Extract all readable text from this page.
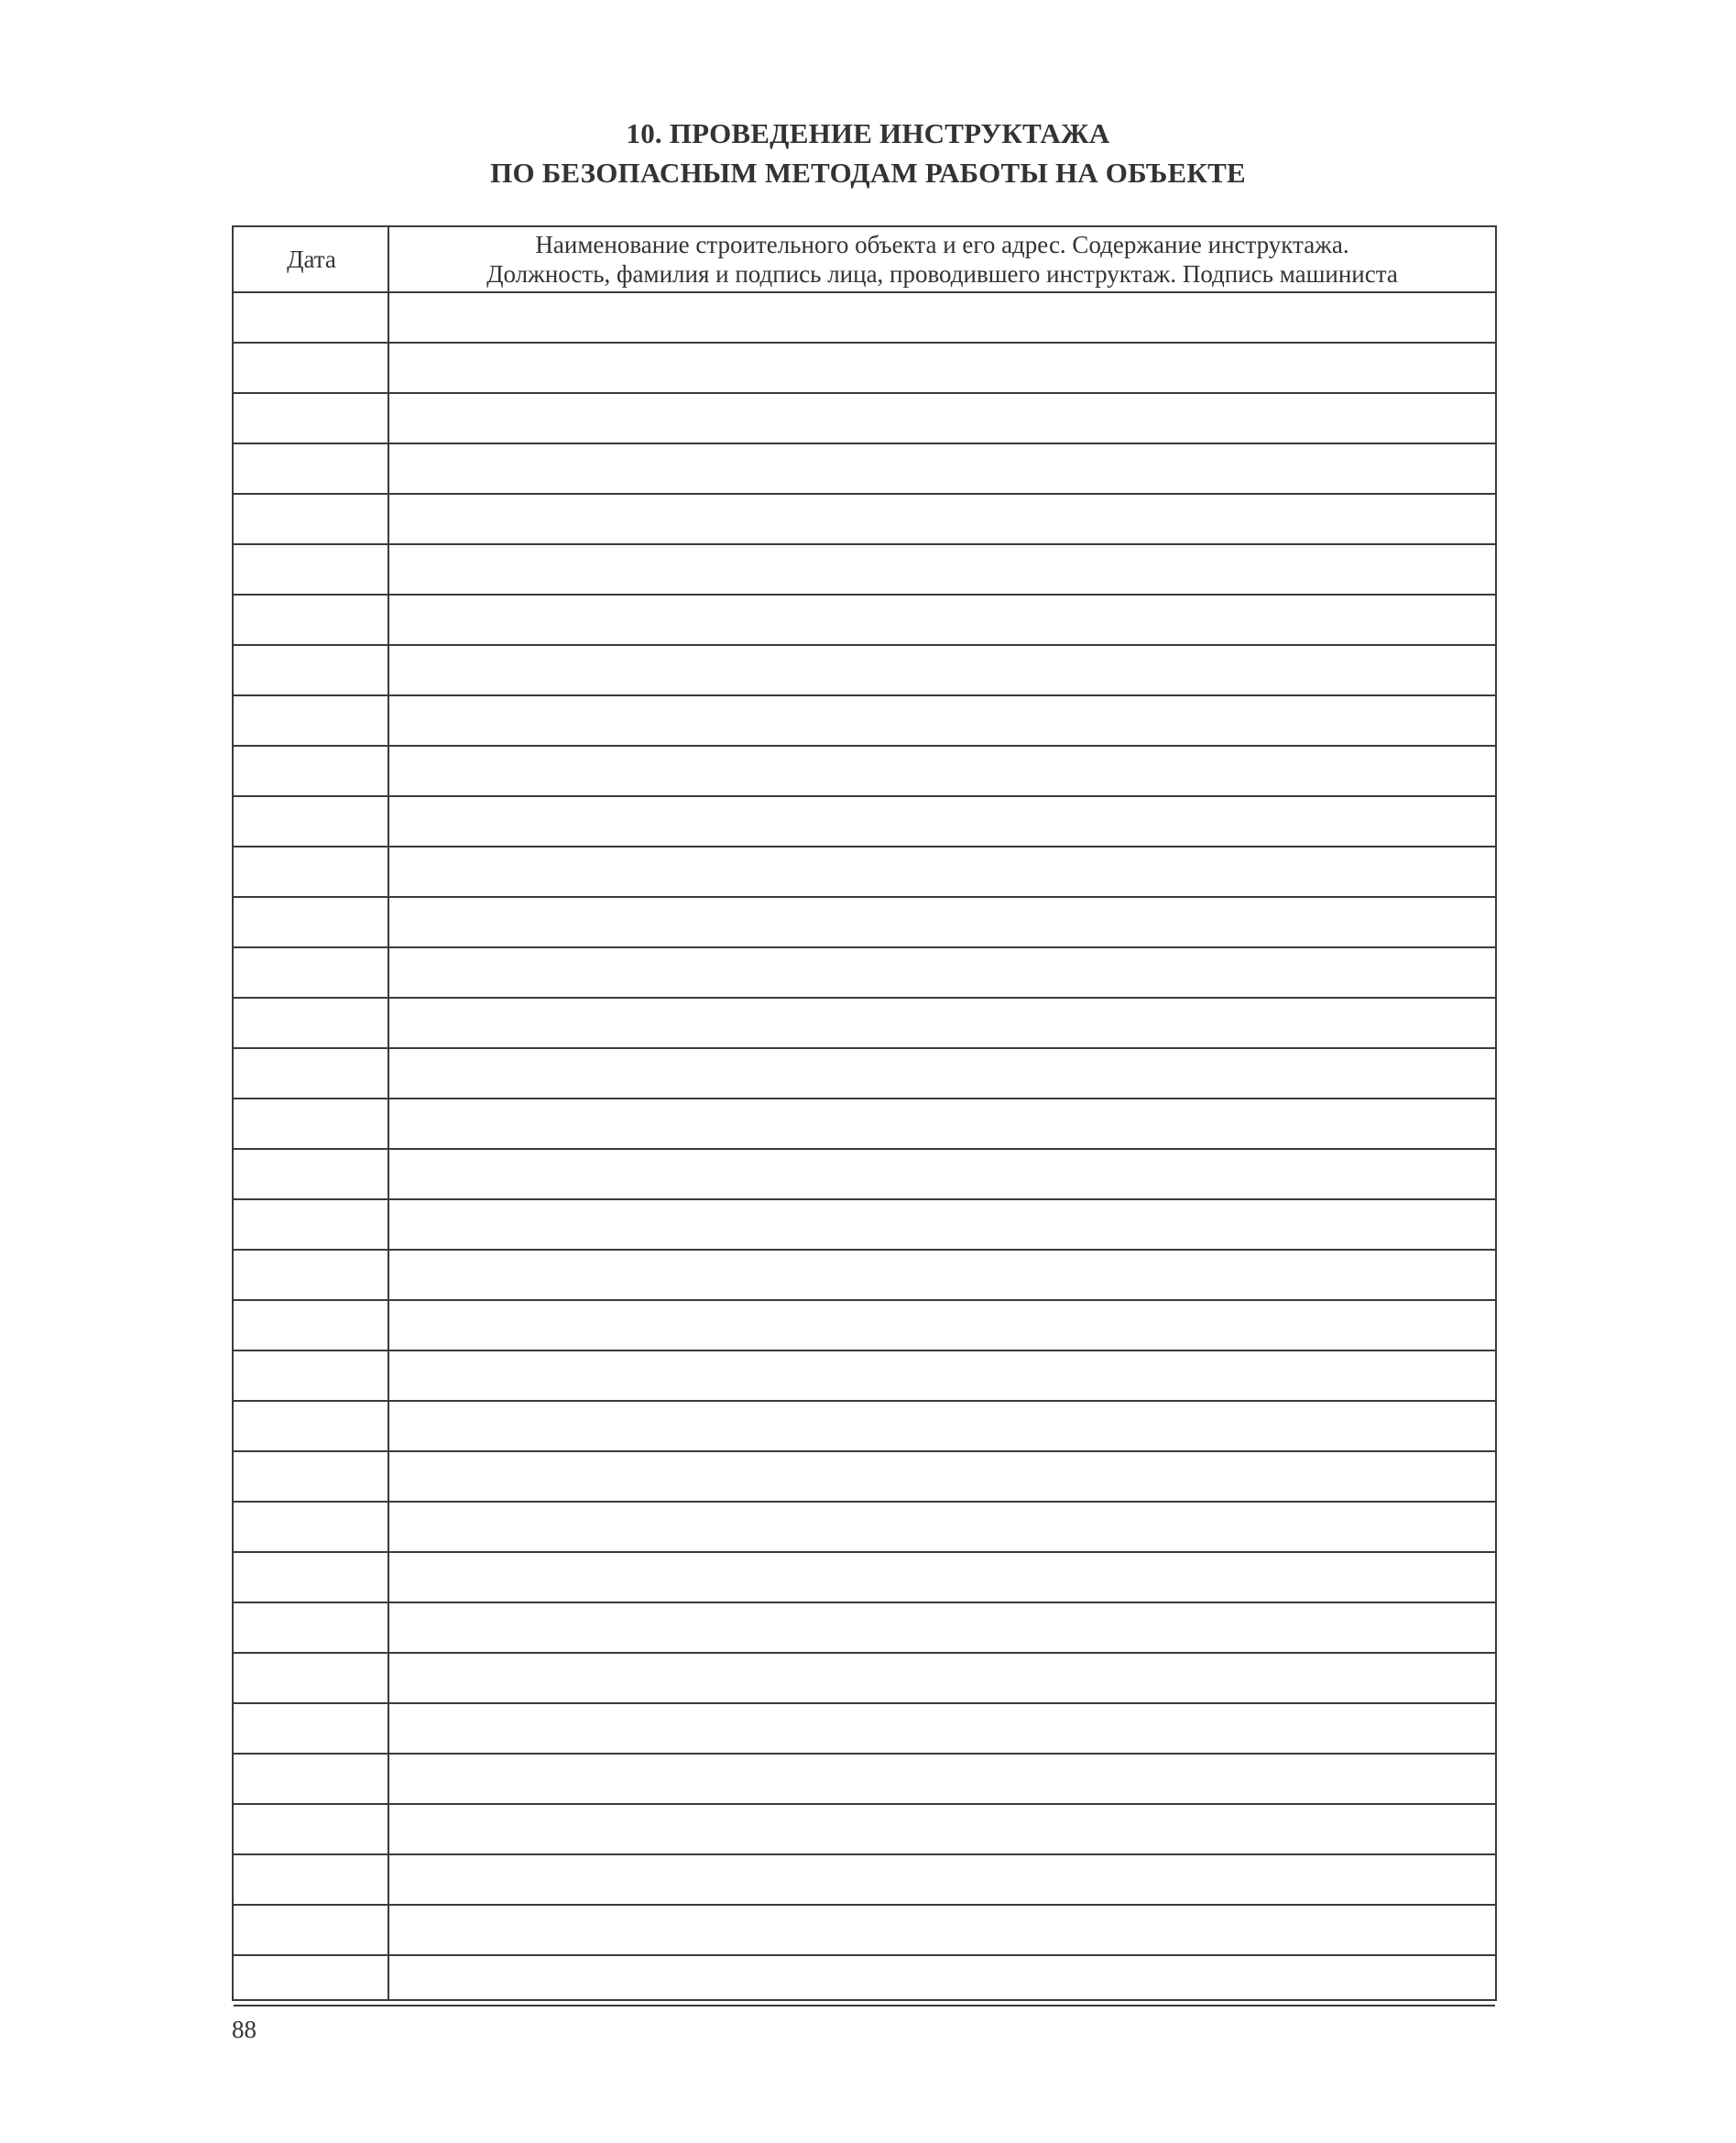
10. ПРОВЕДЕНИЕ ИНСТРУКТАЖА
ПО БЕЗОПАСНЫМ МЕТОДАМ РАБОТЫ НА ОБЪЕКТЕ
Дата
Наименование строительного объекта и его адрес. Содержание инструктажа.
Должность, фамилия и подпись лица, проводившего инструктаж. Подпись машиниста
88
